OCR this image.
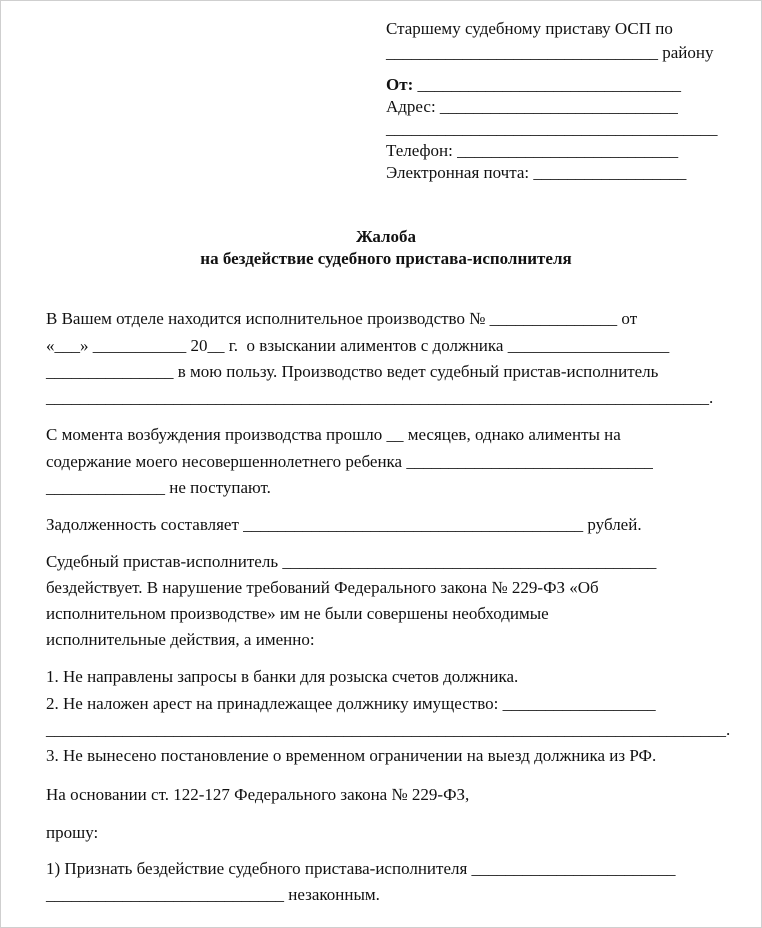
Старшему судебному приставу ОСП по
________________________________ району
От: _______________________________
Адрес: ____________________________
_______________________________________
Телефон: __________________________
Электронная почта: __________________
Жалоба
на бездействие судебного пристава-исполнителя
В Вашем отделе находится исполнительное производство № _______________ от
«___» ___________ 20__ г.  о взыскании алиментов с должника ___________________
_______________ в мою пользу. Производство ведет судебный пристав-исполнитель
______________________________________________________________________________.
С момента возбуждения производства прошло __ месяцев, однако алименты на
содержание моего несовершеннолетнего ребенка _____________________________
______________ не поступают.
Задолженность составляет ________________________________________ рублей.
Судебный пристав-исполнитель ____________________________________________
бездействует. В нарушение требований Федерального закона № 229-ФЗ «Об
исполнительном производстве» им не были совершены необходимые
исполнительные действия, а именно:
1. Не направлены запросы в банки для розыска счетов должника.
2. Не наложен арест на принадлежащее должнику имущество: __________________
________________________________________________________________________________.
3. Не вынесено постановление о временном ограничении на выезд должника из РФ.
На основании ст. 122-127 Федерального закона № 229-ФЗ,
прошу:
1) Признать бездействие судебного пристава-исполнителя ________________________
____________________________ незаконным.
